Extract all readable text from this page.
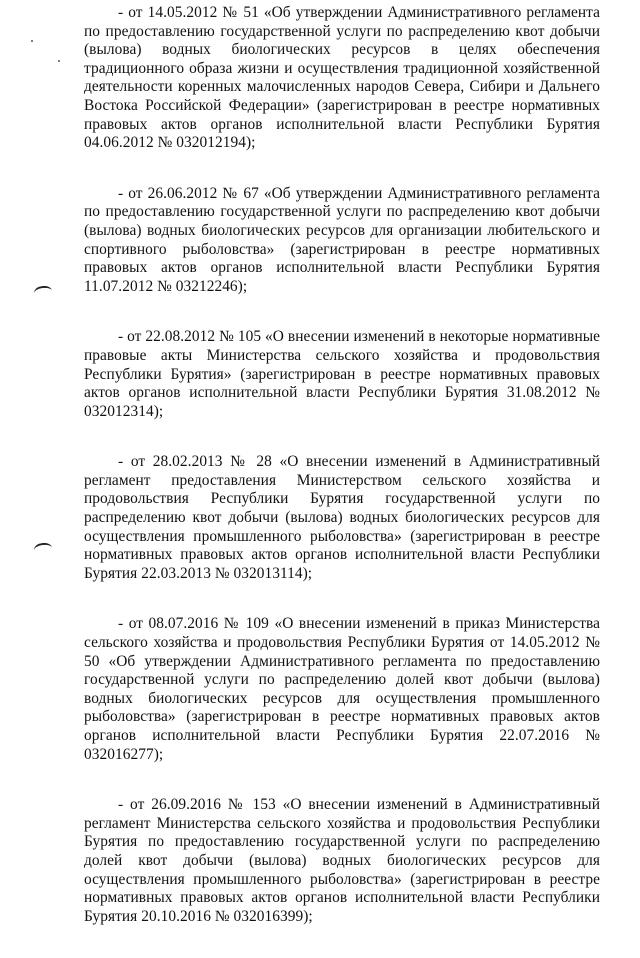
- от 14.05.2012 № 51 «Об утверждении Административного регламента по предоставлению государственной услуги по распределению квот добычи (вылова) водных биологических ресурсов в целях обеспечения традиционного образа жизни и осуществления традиционной хозяйственной деятельности коренных малочисленных народов Севера, Сибири и Дальнего Востока Российской Федерации» (зарегистрирован в реестре нормативных правовых актов органов исполнительной власти Республики Бурятия 04.06.2012 № 032012194);

- от 26.06.2012 № 67 «Об утверждении Административного регламента по предоставлению государственной услуги по распределению квот добычи (вылова) водных биологических ресурсов для организации любительского и спортивного рыболовства» (зарегистрирован в реестре нормативных правовых актов органов исполнительной власти Республики Бурятия 11.07.2012 № 03212246);

- от 22.08.2012 № 105 «О внесении изменений в некоторые нормативные правовые акты Министерства сельского хозяйства и продовольствия Республики Бурятия» (зарегистрирован в реестре нормативных правовых актов органов исполнительной власти Республики Бурятия 31.08.2012 № 032012314);

- от 28.02.2013 № 28 «О внесении изменений в Административный регламент предоставления Министерством сельского хозяйства и продовольствия Республики Бурятия государственной услуги по распределению квот добычи (вылова) водных биологических ресурсов для осуществления промышленного рыболовства» (зарегистрирован в реестре нормативных правовых актов органов исполнительной власти Республики Бурятия 22.03.2013 № 032013114);

- от 08.07.2016 № 109 «О внесении изменений в приказ Министерства сельского хозяйства и продовольствия Республики Бурятия от 14.05.2012 № 50 «Об утверждении Административного регламента по предоставлению государственной услуги по распределению долей квот добычи (вылова) водных биологических ресурсов для осуществления промышленного рыболовства» (зарегистрирован в реестре нормативных правовых актов органов исполнительной власти Республики Бурятия 22.07.2016 № 032016277);

- от 26.09.2016 № 153 «О внесении изменений в Административный регламент Министерства сельского хозяйства и продовольствия Республики Бурятия по предоставлению государственной услуги по распределению долей квот добычи (вылова) водных биологических ресурсов для осуществления промышленного рыболовства» (зарегистрирован в реестре нормативных правовых актов органов исполнительной власти Республики Бурятия 20.10.2016 № 032016399);
